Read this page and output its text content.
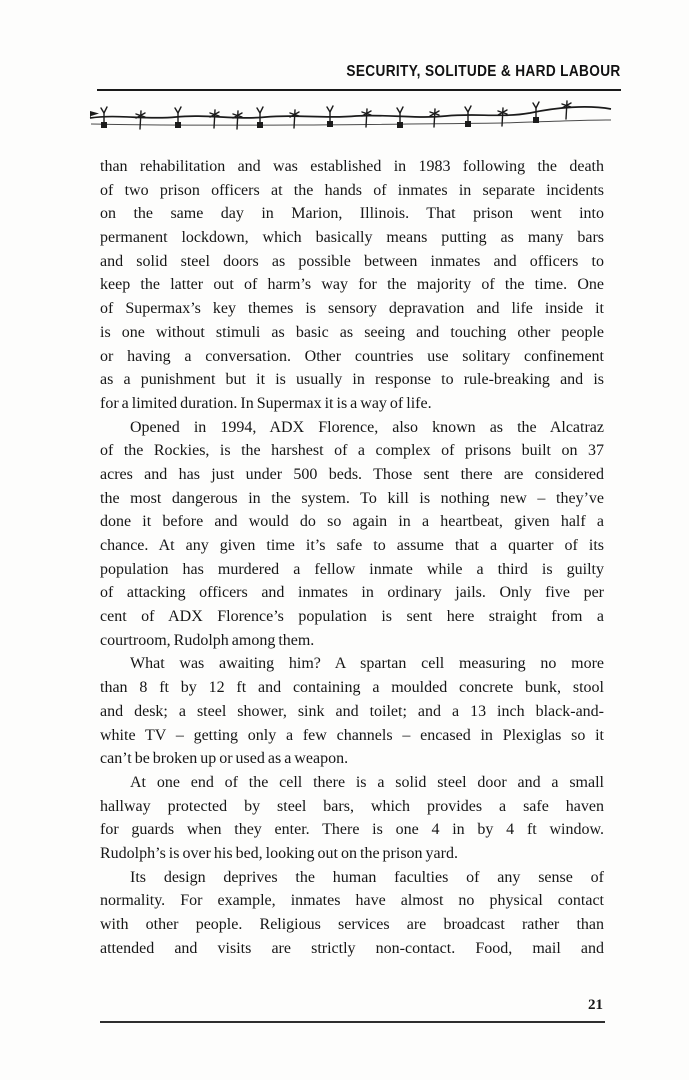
SECURITY, SOLITUDE & HARD LABOUR
than rehabilitation and was established in 1983 following the death
of two prison officers at the hands of inmates in separate incidents
on the same day in Marion, Illinois. That prison went into
permanent lockdown, which basically means putting as many bars
and solid steel doors as possible between inmates and officers to
keep the latter out of harm’s way for the majority of the time. One
of Supermax’s key themes is sensory depravation and life inside it
is one without stimuli as basic as seeing and touching other people
or having a conversation. Other countries use solitary confinement
as a punishment but it is usually in response to rule-breaking and is
for a limited duration. In Supermax it is a way of life.
Opened in 1994, ADX Florence, also known as the Alcatraz
of the Rockies, is the harshest of a complex of prisons built on 37
acres and has just under 500 beds. Those sent there are considered
the most dangerous in the system. To kill is nothing new – they’ve
done it before and would do so again in a heartbeat, given half a
chance. At any given time it’s safe to assume that a quarter of its
population has murdered a fellow inmate while a third is guilty
of attacking officers and inmates in ordinary jails. Only five per
cent of ADX Florence’s population is sent here straight from a
courtroom, Rudolph among them.
What was awaiting him? A spartan cell measuring no more
than 8 ft by 12 ft and containing a moulded concrete bunk, stool
and desk; a steel shower, sink and toilet; and a 13 inch black-and-
white TV – getting only a few channels – encased in Plexiglas so it
can’t be broken up or used as a weapon.
At one end of the cell there is a solid steel door and a small
hallway protected by steel bars, which provides a safe haven
for guards when they enter. There is one 4 in by 4 ft window.
Rudolph’s is over his bed, looking out on the prison yard.
Its design deprives the human faculties of any sense of
normality. For example, inmates have almost no physical contact
with other people. Religious services are broadcast rather than
attended and visits are strictly non-contact. Food, mail and
21
